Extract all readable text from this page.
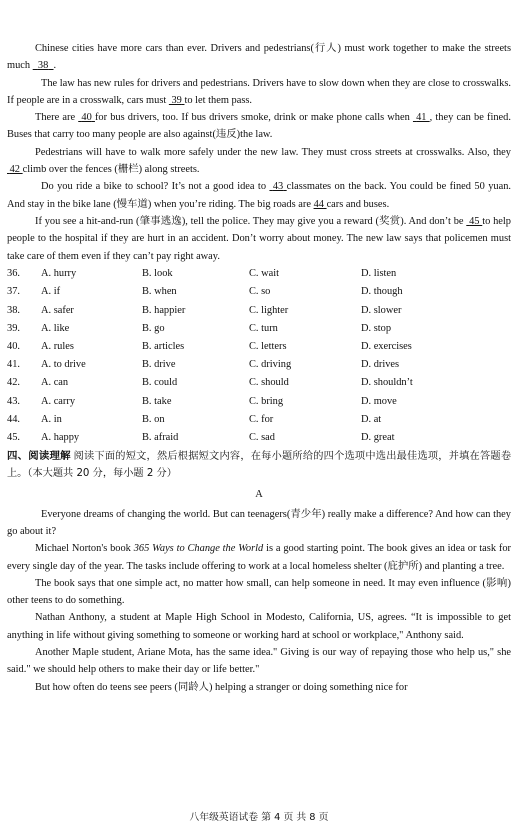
Chinese cities have more cars than ever. Drivers and pedestrians(行人) must work together to make the streets much 38 .

The law has new rules for drivers and pedestrians. Drivers have to slow down when they are close to crosswalks. If people are in a crosswalk, cars must 39 to let them pass.

There are 40 for bus drivers, too. If bus drivers smoke, drink or make phone calls when 41 , they can be fined. Buses that carry too many people are also against(违反)the law.

Pedestrians will have to walk more safely under the new law. They must cross streets at crosswalks. Also, they  42 climb over the fences (栅栏) along streets.

Do you ride a bike to school? It’s not a good idea to 43 classmates on the back. You could be fined 50 yuan. And stay in the bike lane (慢车道) when you’re riding. The big roads are 44 cars and buses.

If you see a hit-and-run (肇事逃逸), tell the police. They may give you a reward (奖赏). And don’t be 45 to help people to the hospital if they are hurt in an accident. Don’t worry about money. The new law says that policemen must take care of them even if they can’t pay right away.

36.	A. hurry	B. look	C. wait	D. listen
37.	A. if	B. when	C. so	D. though
38.	A. safer	B. happier	C. lighter	D. slower
39.	A. like	B. go	C. turn	D. stop
40.	A. rules	B. articles	C. letters	D. exercises
41.	A. to drive	B. drive	C. driving	D. drives
42.	A. can	B. could	C. should	D. shouldn’t
43.	A. carry	B. take	C. bring	D. move
44.	A. in	B. on	C. for	D. at
45.	A. happy	B. afraid	C. sad	D. great

四、阅读理解 阅读下面的短文，然后根据短文内容，在每小题所给的四个选项中选出最佳选项，并填在答题卷上。（本大题共 20 分，每小题 2 分）

A

Everyone dreams of changing the world. But can teenagers(青少年) really make a difference? And how can they go about it?

Michael Norton's book 365 Ways to Change the World is a good starting point. The book gives an idea or task for every single day of the year. The tasks include offering to work at a local homeless shelter (庇护所) and planting a tree.

The book says that one simple act, no matter how small, can help someone in need. It may even influence (影响) other teens to do something.

Nathan Anthony, a student at Maple High School in Modesto, California, US, agrees. “It is impossible to get anything in life without giving something to someone or working hard at school or workplace," Anthony said.

Another Maple student, Ariane Mota, has the same idea." Giving is our way of repaying those who help us," she said." we should help others to make their day or life better."

But how often do teens see peers (同龄人) helping a stranger or doing something nice for

八年级英语试卷 第 4 页 共 8 页
